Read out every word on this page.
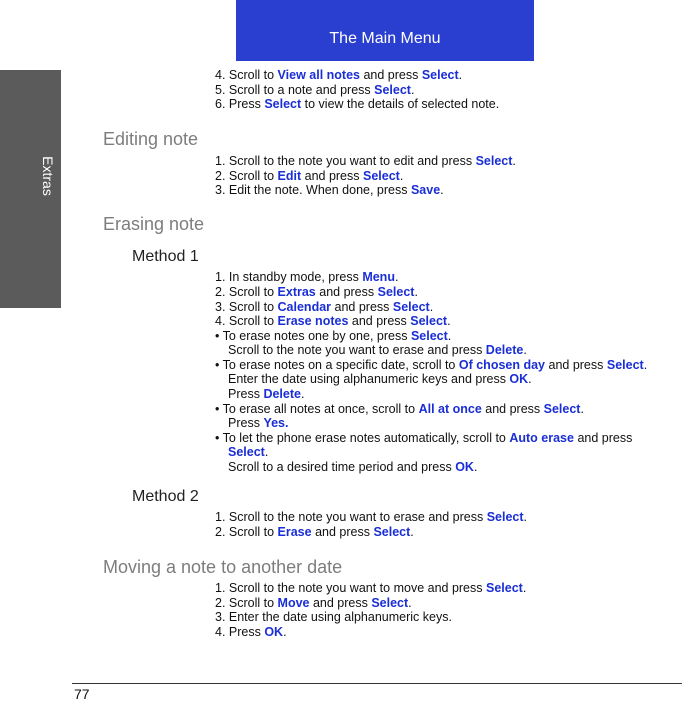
Extras
The Main Menu
4. Scroll to View all notes and press Select.
5. Scroll to a note and press Select.
6. Press Select to view the details of selected note.
Editing note
1. Scroll to the note you want to edit and press Select.
2. Scroll to Edit and press Select.
3. Edit the note. When done, press Save.
Erasing note
Method 1
1. In standby mode, press Menu.
2. Scroll to Extras and press Select.
3. Scroll to Calendar and press Select.
4. Scroll to Erase notes and press Select.
• To erase notes one by one, press Select.
Scroll to the note you want to erase and press Delete.
• To erase notes on a specific date, scroll to Of chosen day and press Select.
Enter the date using alphanumeric keys and press OK.
Press Delete.
• To erase all notes at once, scroll to All at once and press Select.
Press Yes.
• To let the phone erase notes automatically, scroll to Auto erase and press
Select.
Scroll to a desired time period and press OK.
Method 2
1. Scroll to the note you want to erase and press Select.
2. Scroll to Erase and press Select.
Moving a note to another date
1. Scroll to the note you want to move and press Select.
2. Scroll to Move and press Select.
3. Enter the date using alphanumeric keys.
4. Press OK.
77
